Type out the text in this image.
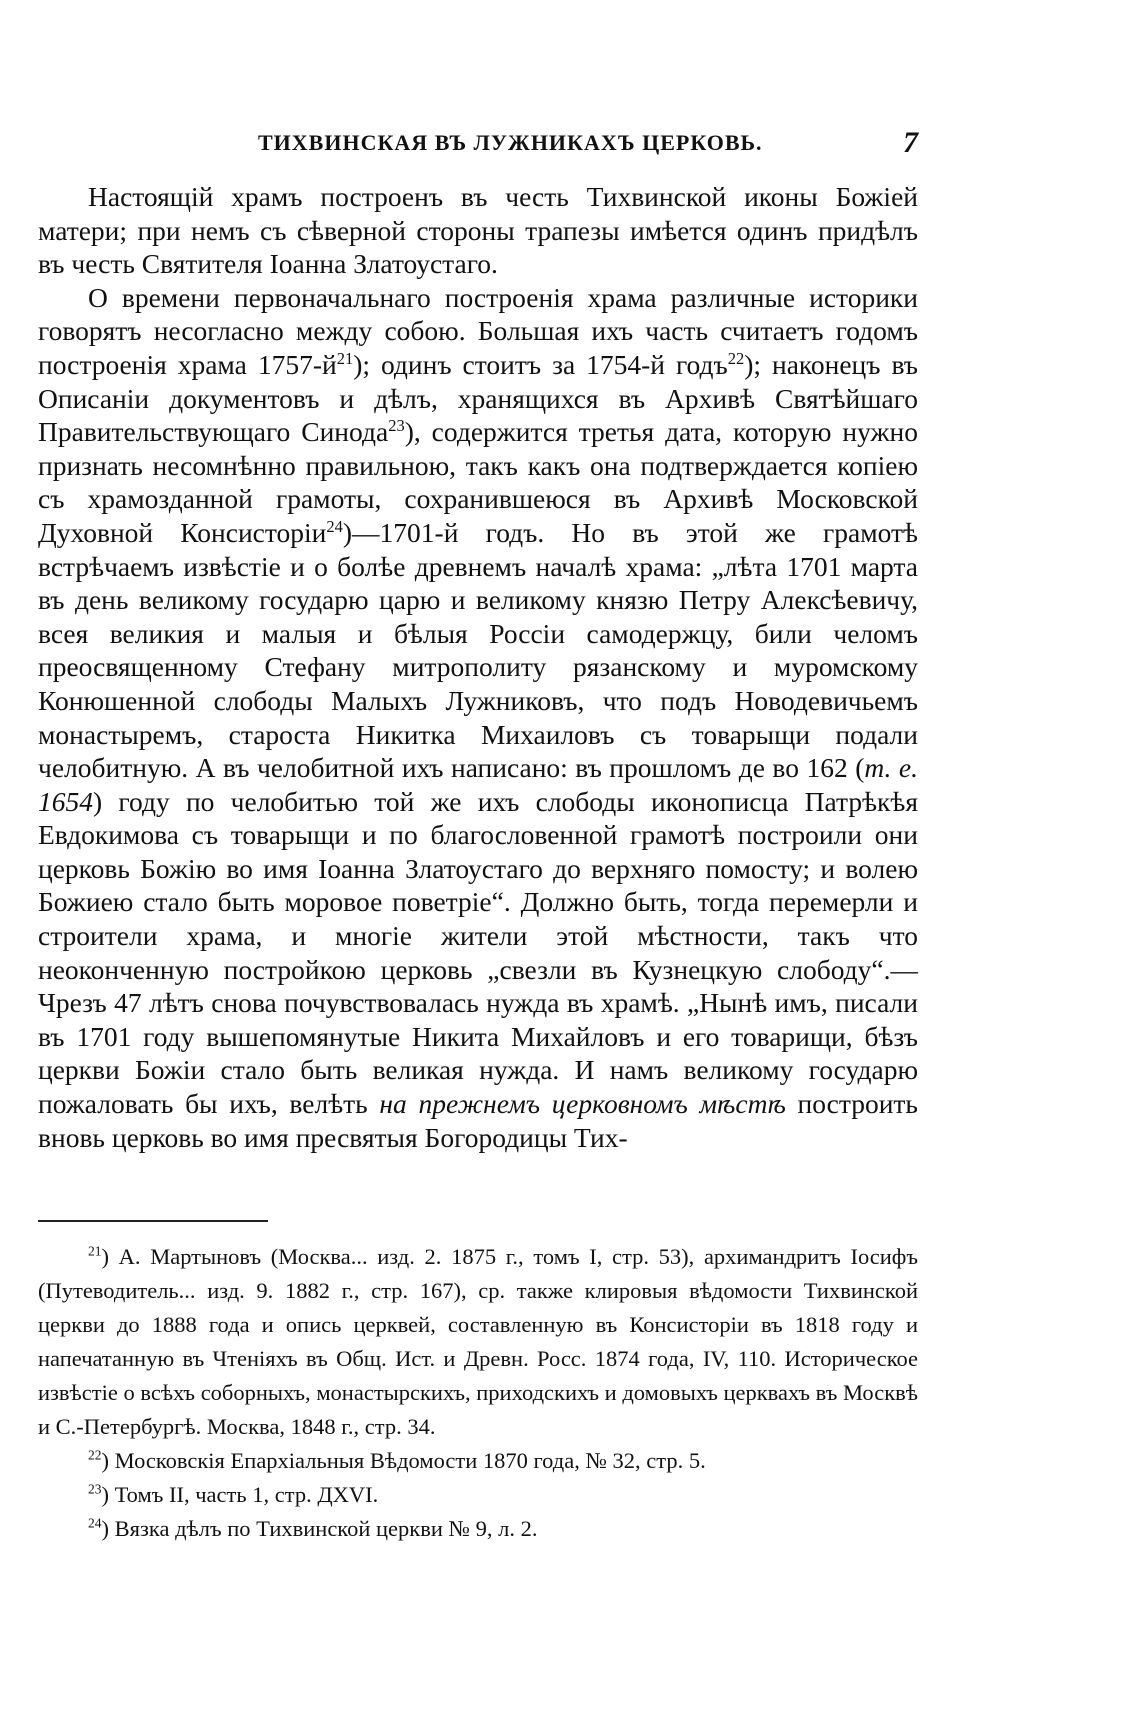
ТИХВИНСКАЯ ВЪ ЛУЖНИКАХЪ ЦЕРКОВЬ.	7

Настоящій храмъ построенъ въ честь Тихвинской иконы Божіей матери; при немъ съ сѣверной стороны трапезы имѣется одинъ придѣлъ въ честь Святителя Іоанна Златоустаго.

О времени первоначальнаго построенія храма различные историки говорятъ несогласно между собою. Большая ихъ часть считаетъ годомъ построенія храма $1757-й^{21}$); одинъ стоитъ за 1754-й годъ$^{22}$); наконецъ въ Описаніи документовъ и дѣлъ, хранящихся въ Архивѣ Святѣйшаго Правительствующаго Синода$^{23}$), содержится третья дата, которую нужно признать несомнѣнно правильною, такъ какъ она подтверждается копіею съ храмозданной грамоты, сохранившеюся въ Архивѣ Московской Духовной Консисторіи$^{24}$)—1701-й годъ. Но въ этой же грамотѣ встрѣчаемъ извѣстіе и о болѣе древнемъ началѣ храма: „лѣта 1701 марта въ день великому государю царю и великому князю Петру Алексѣевичу, всея великия и малыя и бѣлыя Россіи самодержцу, били челомъ преосвященному Стефану митрополиту рязанскому и муромскому Конюшенной слободы Малыхъ Лужниковъ, что подъ Новодевичьемъ монастыремъ, староста Никитка Михаиловъ съ товарыщи подали челобитную. А въ челобитной ихъ написано: въ прошломъ де во 162 (т. е. 1654) году по челобитью той же ихъ слободы иконописца Патрѣкѣя Евдокимова съ товарыщи и по благословенной грамотѣ построили они церковь Божію во имя Іоанна Златоустаго до верхняго помосту; и волею Божиею стало быть моровое поветріе“. Должно быть, тогда перемерли и строители храма, и многіе жители этой мѣстности, такъ что неоконченную постройкою церковь „свезли въ Кузнецкую слободу“.—Чрезъ 47 лѣтъ снова почувствовалась нужда въ храмѣ. „Нынѣ имъ, писали въ 1701 году вышепомянутые Никита Михайловъ и его товарищи, бѣзъ церкви Божіи стало быть великая нужда. И намъ великому государю пожаловать бы ихъ, велѣть на прежнемъ церковномъ мѣстѣ построить вновь церковь во имя пресвятыя Богородицы Тих-

$^{21}$) А. Мартыновъ (Москва... изд. 2. 1875 г., томъ I, стр. 53), архимандритъ Іосифъ (Путеводитель... изд. 9. 1882 г., стр. 167), ср. также клировыя вѣдомости Тихвинской церкви до 1888 года и опись церквей, составленную въ Консисторіи въ 1818 году и напечатанную въ Чтеніяхъ въ Общ. Ист. и Древн. Росс. 1874 года, IV, 110. Историческое извѣстіе о всѣхъ соборныхъ, монастырскихъ, приходскихъ и домовыхъ церквахъ въ Москвѣ и С.-Петербургѣ. Москва, 1848 г., стр. 34.

$^{22}$) Московскія Епархіальныя Вѣдомости 1870 года, № 32, стр. 5.

$^{23}$) Томъ II, часть 1, стр. ДХVI.

$^{24}$) Вязка дѣлъ по Тихвинской церкви № 9, л. 2.
